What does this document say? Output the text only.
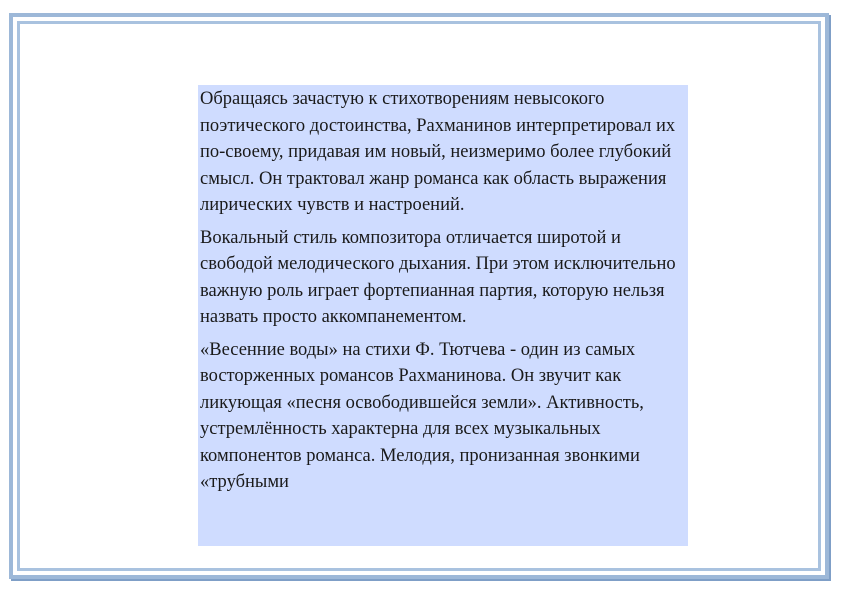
Обращаясь зачастую к стихотворениям невысокого поэтического достоинства, Рахманинов интерпретировал их по-своему, придавая им новый, неизмеримо более глубокий смысл. Он трактовал жанр романса как область выражения лирических чувств и настроений.

Вокальный стиль композитора отличается широтой и свободой мелодического дыхания. При этом исключительно важную роль играет фортепианная партия, которую нельзя назвать просто аккомпанементом.

«Весенние воды» на стихи Ф. Тютчева - один из самых восторженных романсов Рахманинова. Он звучит как ликующая «песня освободившейся земли». Активность, устремлённость характерна для всех музыкальных компонентов романса. Мелодия, пронизанная звонкими «трубными
